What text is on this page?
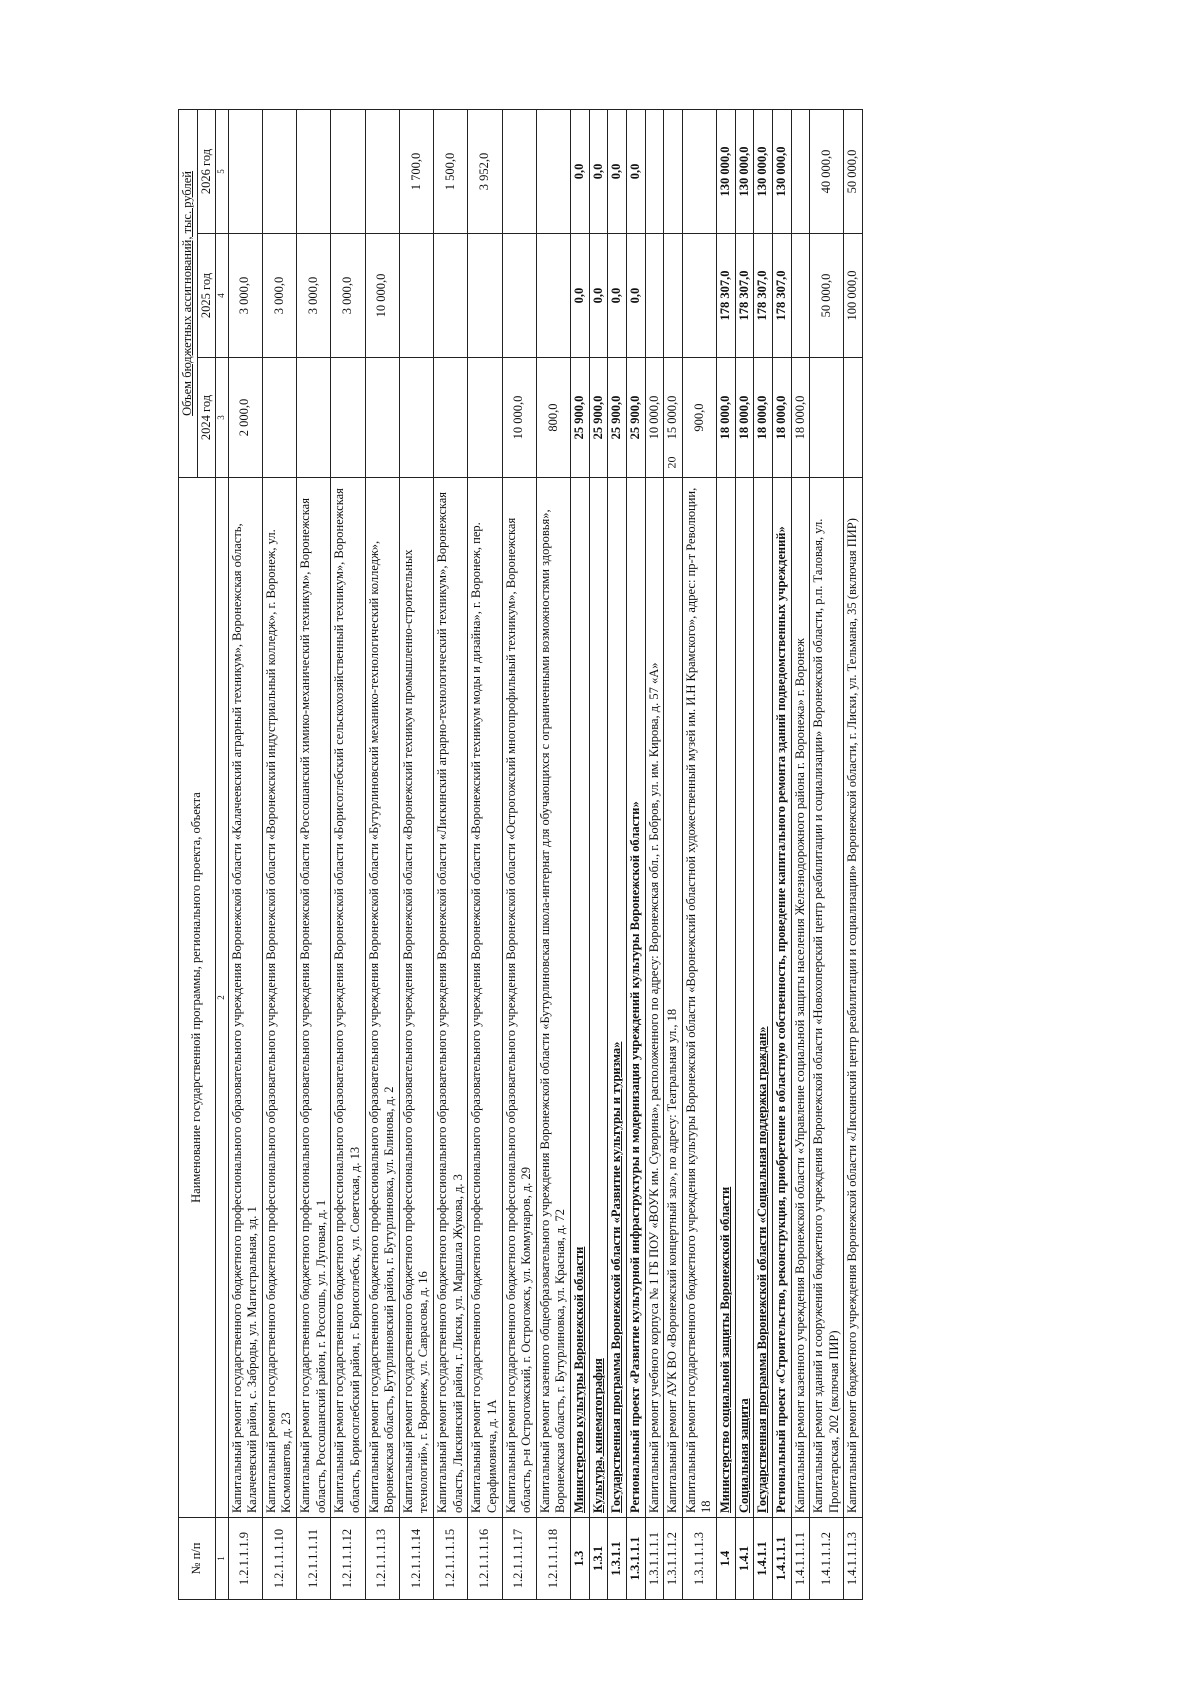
20
№ п/п	Наименование государственной программы, регионального проекта, объекта	Объем бюджетных ассигнований, тыс. рублей		
		2024 год	2025 год	2026 год
1	2	3	4	5
1.2.1.1.1.9	Капитальный ремонт государственного бюджетного профессионального образовательного учреждения Воронежской области «Калачеевский аграрный техникум», Воронежская область, Калачеевский район, с. Заброды, ул. Магистральная, зд. 1	2 000,0	3 000,0	
1.2.1.1.1.10	Капитальный ремонт государственного бюджетного профессионального образовательного учреждения Воронежской области «Воронежский индустриальный колледж», г. Воронеж, ул. Космонавтов, д. 23		3 000,0	
1.2.1.1.1.11	Капитальный ремонт государственного бюджетного профессионального образовательного учреждения Воронежской области «Россошанский химико-механический техникум», Воронежская область, Россошанский район, г. Россошь, ул. Луговая, д. 1		3 000,0	
1.2.1.1.1.12	Капитальный ремонт государственного бюджетного профессионального образовательного учреждения Воронежской области «Борисоглебский сельскохозяйственный техникум», Воронежская область, Борисоглебский район, г. Борисоглебск, ул. Советская, д. 13		3 000,0	
1.2.1.1.1.13	Капитальный ремонт государственного бюджетного профессионального образовательного учреждения Воронежской области «Бутурлиновский механико-технологический колледж», Воронежская область, Бутурлиновский район, г. Бутурлиновка, ул. Блинова, д. 2		10 000,0	
1.2.1.1.1.14	Капитальный ремонт государственного бюджетного профессионального образовательного учреждения Воронежской области «Воронежский техникум промышленно-строительных технологий», г. Воронеж, ул. Саврасова, д. 16			1 700,0
1.2.1.1.1.15	Капитальный ремонт государственного бюджетного профессионального образовательного учреждения Воронежской области «Лискинский аграрно-технологический техникум», Воронежская область, Лискинский район, г. Лиски, ул. Маршала Жукова, д. 3			1 500,0
1.2.1.1.1.16	Капитальный ремонт государственного бюджетного профессионального образовательного учреждения Воронежской области «Воронежский техникум моды и дизайна», г. Воронеж, пер. Серафимовича, д. 1А			3 952,0
1.2.1.1.1.17	Капитальный ремонт государственного бюджетного профессионального образовательного учреждения Воронежской области «Острогожский многопрофильный техникум», Воронежская область, р-н Острогожский, г. Острогожск, ул. Коммунаров, д. 29	10 000,0		
1.2.1.1.1.18	Капитальный ремонт казенного общеобразовательного учреждения Воронежской области «Бутурлиновская школа-интернат для обучающихся с ограниченными возможностями здоровья», Воронежская область, г. Бутурлиновка, ул. Красная, д. 72	800,0		
1.3	Министерство культуры Воронежской области	25 900,0	0,0	0,0
1.3.1	Культура, кинематография	25 900,0	0,0	0,0
1.3.1.1	Государственная программа Воронежской области «Развитие культуры и туризма»	25 900,0	0,0	0,0
1.3.1.1.1	Региональный проект «Развитие культурной инфраструктуры и модернизация учреждений культуры Воронежской области»	25 900,0	0,0	0,0
1.3.1.1.1.1	Капитальный ремонт учебного корпуса № 1 ГБ ПОУ «ВОУК им. Суворина», расположенного по адресу: Воронежская обл., г. Бобров, ул. им. Кирова, д. 57 «А»	10 000,0		
1.3.1.1.1.2	Капитальный ремонт АУК ВО «Воронежский концертный зал», по адресу: Театральная ул., 18	15 000,0		
1.3.1.1.1.3	Капитальный ремонт государственного бюджетного учреждения культуры Воронежской области «Воронежский областной художественный музей им. И.Н Крамского», адрес: пр-т Революции, 18	900,0		
1.4	Министерство социальной защиты Воронежской области	18 000,0	178 307,0	130 000,0
1.4.1	Социальная защита	18 000,0	178 307,0	130 000,0
1.4.1.1	Государственная программа Воронежской области «Социальная поддержка граждан»	18 000,0	178 307,0	130 000,0
1.4.1.1.1	Региональный проект «Строительство, реконструкция, приобретение в областную собственность, проведение капитального ремонта зданий подведомственных учреждений»	18 000,0	178 307,0	130 000,0
1.4.1.1.1.1	Капитальный ремонт казенного учреждения Воронежской области «Управление социальной защиты населения Железнодорожного района г. Воронежа» г. Воронеж	18 000,0		
1.4.1.1.1.2	Капитальный ремонт зданий и сооружений бюджетного учреждения Воронежской области «Новохоперский центр реабилитации и социализации» Воронежской области, р.п. Таловая, ул. Пролетарская, 202 (включая ПИР)		50 000,0	40 000,0
1.4.1.1.1.3	Капитальный ремонт бюджетного учреждения Воронежской области «Лискинский центр реабилитации и социализации» Воронежской области, г. Лиски, ул. Тельмана, 35 (включая ПИР)		100 000,0	50 000,0
